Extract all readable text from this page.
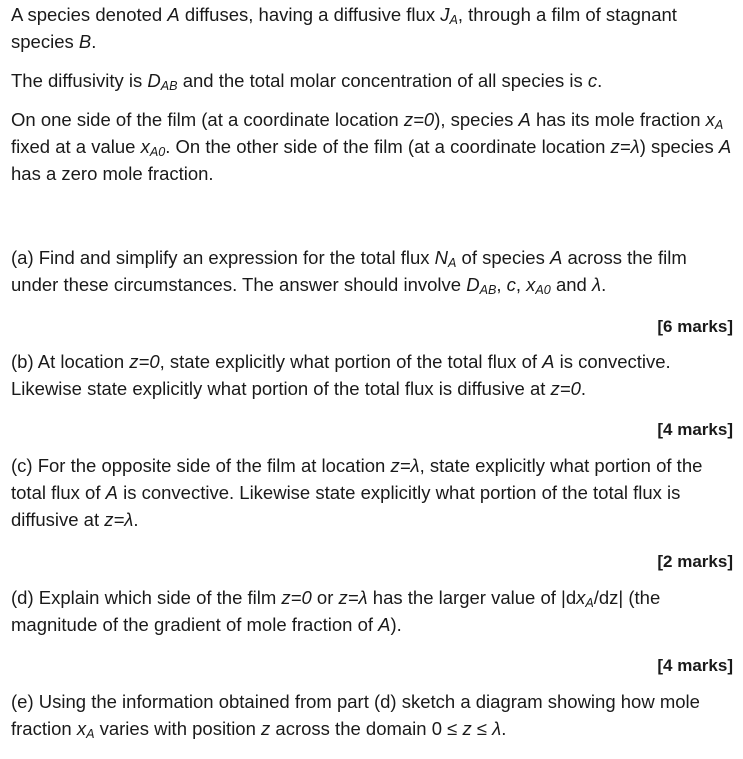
A species denoted A diffuses, having a diffusive flux $J_A$, through a film of stagnant species B.

The diffusivity is $D_{AB}$ and the total molar concentration of all species is c.

On one side of the film (at a coordinate location z=0), species A has its mole fraction $x_A$ fixed at a value $x_{A0}$. On the other side of the film (at a coordinate location z=λ) species A has a zero mole fraction.

(a) Find and simplify an expression for the total flux $N_A$ of species A across the film under these circumstances. The answer should involve $D_{AB}$, c, $x_{A0}$ and λ.

[6 marks]

(b) At location z=0, state explicitly what portion of the total flux of A is convective. Likewise state explicitly what portion of the total flux is diffusive at z=0.

[4 marks]

(c) For the opposite side of the film at location z=λ, state explicitly what portion of the total flux of A is convective. Likewise state explicitly what portion of the total flux is diffusive at z=λ.

[2 marks]

(d) Explain which side of the film z=0 or z=λ has the larger value of $|dx_A/dz|$ (the magnitude of the gradient of mole fraction of A).

[4 marks]

(e) Using the information obtained from part (d) sketch a diagram showing how mole fraction $x_A$ varies with position z across the domain 0 ≤ z ≤ λ.
